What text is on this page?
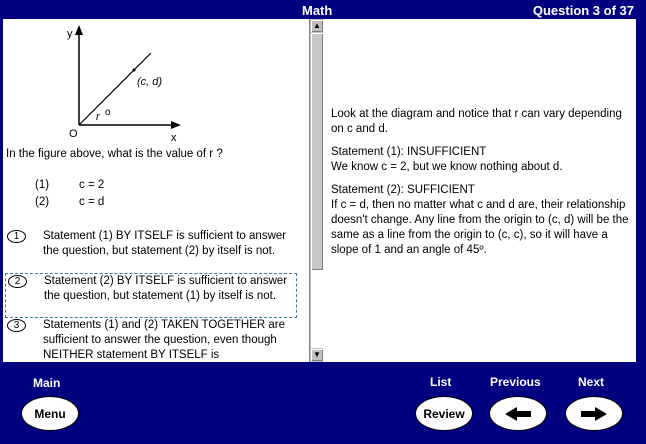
Math	Question 3 of 37
y
x
O
(c, d)
r o
In the figure above, what is the value of r ?
(1)	c = 2
(2)	c = d
1	Statement (1) BY ITSELF is sufficient to answer the question, but statement (2) by itself is not.
2	Statement (2) BY ITSELF is sufficient to answer the question, but statement (1) by itself is not.
3	Statements (1) and (2) TAKEN TOGETHER are sufficient to answer the question, even though NEITHER statement BY ITSELF is
▲
▼

Look at the diagram and notice that r can vary depending on c and d.

Statement (1): INSUFFICIENT
We know c = 2, but we know nothing about d.

Statement (2): SUFFICIENT
If c = d, then no matter what c and d are, their relationship doesn't change. Any line from the origin to (c, d) will be the same as a line from the origin to (c, c), so it will have a slope of 1 and an angle of 45º.

Main
Menu
List
Review
Previous	Next
